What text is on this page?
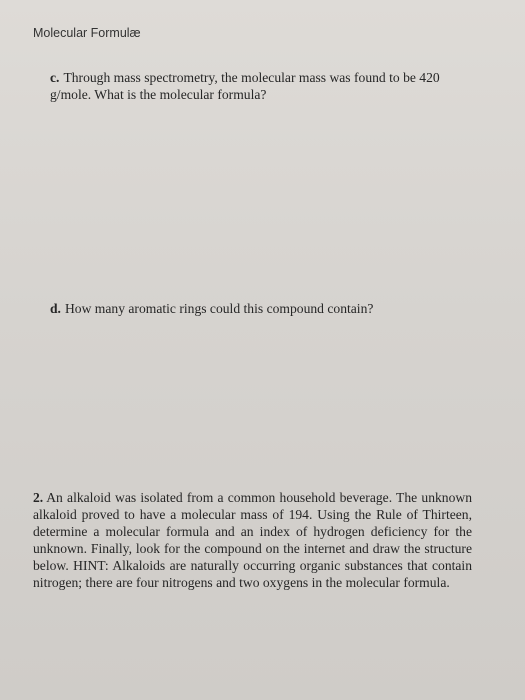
Molecular Formulæ
c. Through mass spectrometry, the molecular mass was found to be 420 g/mole. What is the molecular formula?
d. How many aromatic rings could this compound contain?
2. An alkaloid was isolated from a common household beverage. The unknown alkaloid proved to have a molecular mass of 194. Using the Rule of Thirteen, determine a molecular formula and an index of hydrogen deficiency for the unknown. Finally, look for the compound on the internet and draw the structure below. HINT: Alkaloids are naturally occurring organic substances that contain nitrogen; there are four nitrogens and two oxygens in the molecular formula.
